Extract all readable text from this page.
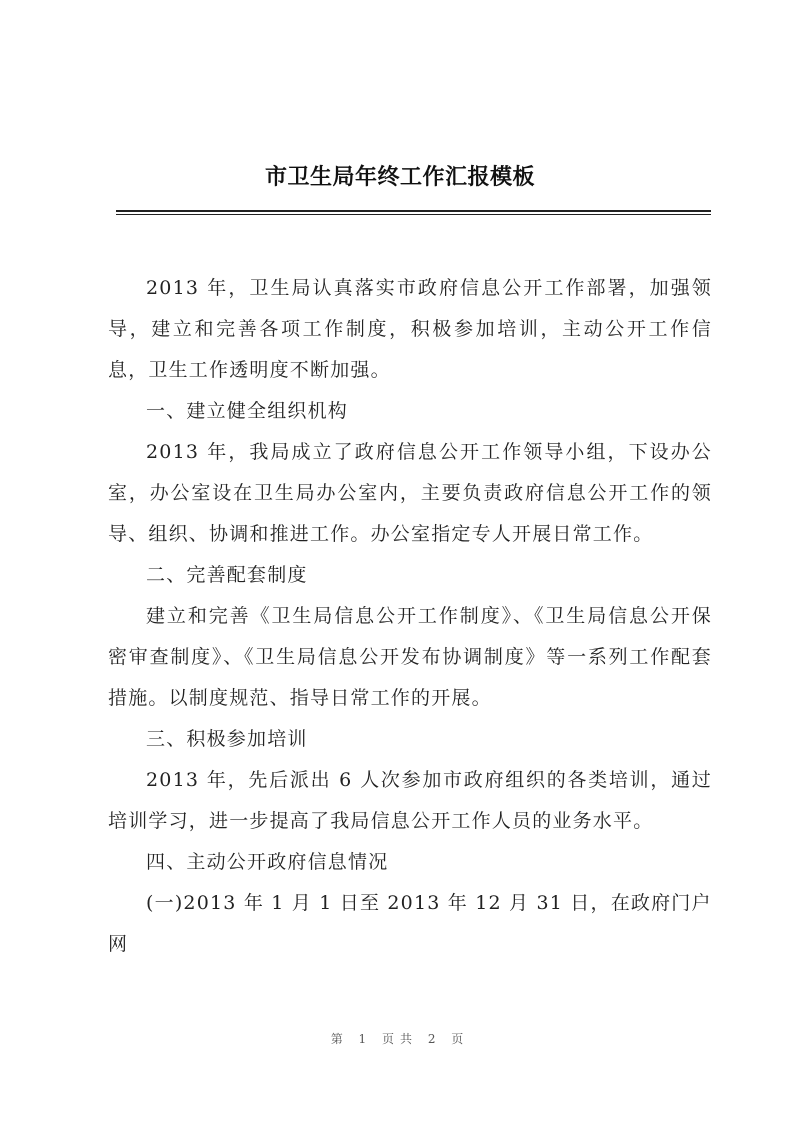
市卫生局年终工作汇报模板

2013 年，卫生局认真落实市政府信息公开工作部署，加强领导，建立和完善各项工作制度，积极参加培训，主动公开工作信息，卫生工作透明度不断加强。

一、建立健全组织机构

2013 年，我局成立了政府信息公开工作领导小组，下设办公室，办公室设在卫生局办公室内，主要负责政府信息公开工作的领导、组织、协调和推进工作。办公室指定专人开展日常工作。

二、完善配套制度

建立和完善《卫生局信息公开工作制度》、《卫生局信息公开保密审查制度》、《卫生局信息公开发布协调制度》等一系列工作配套措施。以制度规范、指导日常工作的开展。

三、积极参加培训

2013 年，先后派出 6 人次参加市政府组织的各类培训，通过培训学习，进一步提高了我局信息公开工作人员的业务水平。

四、主动公开政府信息情况

(一)2013 年 1 月 1 日至 2013 年 12 月 31 日，在政府门户网

第 1 页共 2 页
